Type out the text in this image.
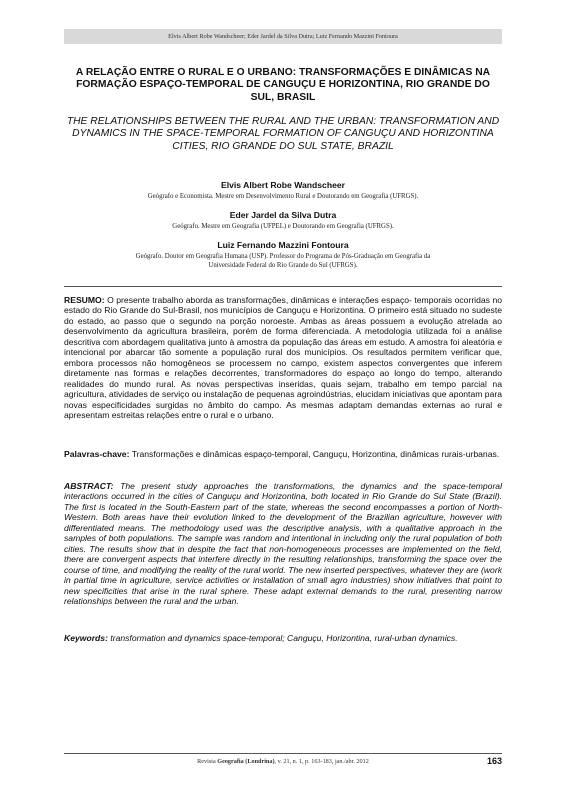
Elvis Albert Robe Wandscheer; Eder Jardel da Silva Dutra; Luiz Fernando Mazzini Fontoura
A RELAÇÃO ENTRE O RURAL E O URBANO: TRANSFORMAÇÕES E DINÂMICAS NA FORMAÇÃO ESPAÇO-TEMPORAL DE CANGUÇU E HORIZONTINA, RIO GRANDE DO SUL, BRASIL
THE RELATIONSHIPS BETWEEN THE RURAL AND THE URBAN: TRANSFORMATION AND DYNAMICS IN THE SPACE-TEMPORAL FORMATION OF CANGUÇU AND HORIZONTINA CITIES, RIO GRANDE DO SUL STATE, BRAZIL
Elvis Albert Robe Wandscheer
Geógrafo e Economista. Mestre em Desenvolvimento Rural e Doutorando em Geografia (UFRGS).
Eder Jardel da Silva Dutra
Geógrafo. Mestre em Geografia (UFPEL) e Doutorando em Geografia (UFRGS).
Luiz Fernando Mazzini Fontoura
Geógrafo. Doutor em Geografia Humana (USP). Professor do Programa de Pós-Graduação em Geografia da Universidade Federal do Rio Grande do Sul (UFRGS).

RESUMO: O presente trabalho aborda as transformações, dinâmicas e interações espaço- temporais ocorridas no estado do Rio Grande do Sul-Brasil, nos municípios de Canguçu e Horizontina. O primeiro está situado no sudeste do estado, ao passo que o segundo na porção noroeste. Ambas as áreas possuem a evolução atrelada ao desenvolvimento da agricultura brasileira, porém de forma diferenciada. A metodologia utilizada foi a análise descritiva com abordagem qualitativa junto à amostra da população das áreas em estudo. A amostra foi aleatória e intencional por abarcar tão somente a população rural dos municípios. Os resultados permitem verificar que, embora processos não homogêneos se processem no campo, existem aspectos convergentes que inferem diretamente nas formas e relações decorrentes, transformadores do espaço ao longo do tempo, alterando realidades do mundo rural. As novas perspectivas inseridas, quais sejam, trabalho em tempo parcial na agricultura, atividades de serviço ou instalação de pequenas agroindústrias, elucidam iniciativas que apontam para novas especificidades surgidas no âmbito do campo. As mesmas adaptam demandas externas ao rural e apresentam estreitas relações entre o rural e o urbano.

Palavras-chave: Transformações e dinâmicas espaço-temporal, Canguçu, Horizontina, dinâmicas rurais-urbanas.

ABSTRACT: The present study approaches the transformations, the dynamics and the space-temporal interactions occurred in the cities of Canguçu and Horizontina, both located in Rio Grande do Sul State (Brazil). The first is located in the South-Eastern part of the state, whereas the second encompasses a portion of North-Western. Both areas have their evolution linked to the development of the Brazilian agriculture, however with differentiated means. The methodology used was the descriptive analysis, with a qualitative approach in the samples of both populations. The sample was random and intentional in including only the rural population of both cities. The results show that in despite the fact that non-homogeneous processes are implemented on the field, there are convergent aspects that interfere directly in the resulting relationships, transforming the space over the course of time, and modifying the reality of the rural world. The new inserted perspectives, whatever they are (work in partial time in agriculture, service activities or installation of small agro industries) show initiatives that point to new specificities that arise in the rural sphere. These adapt external demands to the rural, presenting narrow relationships between the rural and the urban.

Keywords: transformation and dynamics space-temporal; Canguçu, Horizontina, rural-urban dynamics.

Revista Geografia (Londrina), v. 21, n. 1, p. 163-183, jan./abr. 2012	163
